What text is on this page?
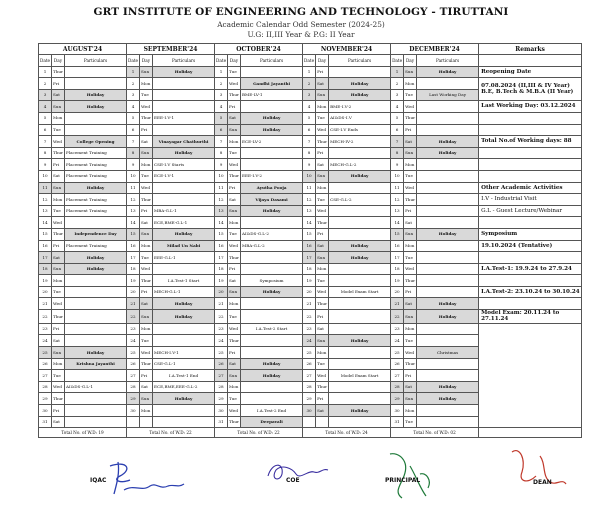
GRT INSTITUTE OF ENGINEERING AND TECHNOLOGY - TIRUTTANI
Academic Calendar Odd Semester (2024-25)
U.G: II,III Year & P.G: II Year
AUGUST'24			SEPTEMBER'24			OCTOBER'24			NOVEMBER'24			DECEMBER'24			Remarks
Date	Day	Particulars	Date	Day	Particulars	Date	Day	Particulars	Date	Day	Particulars	Date	Day	Particulars	
1	Thur		1	Sun	Holiday	1	Tue		1	Fri		1	Sun	Holiday	Reopening Date
2	Fri		2	Mon		2	Wed	Gandhi Jayanthi	2	Sat	Holiday	2	Mon		07.08.2024 (II,III & IV Year) B.E, B.Tech & M.B.A (II Year)
3	Sat	Holiday	3	Tue		3	Thur	BME-LV-1	3	Sun	Holiday	3	Tue	Last Working Day	
4	Sun	Holiday	4	Wed		4	Fri		4	Mon	BME-I.V-2	4	Wed		Last Working Day: 03.12.2024
5	Mon		5	Thur	EEE-I.V-1	5	Sat	Holiday	5	Tue	AI&DS-I.V	5	Thur		
6	Tue		6	Fri		6	Sun	Holiday	6	Wed	CSE-I.V Ends	6	Fri		
7	Wed	College Opening	7	Sat	Vinayagar Chathurthi	7	Mon	ECE-LV-2	7	Thur	MECH-IV-2	7	Sat	Holiday	Total No.of Working days: 88
8	Thur	Placement Training	8	Sun	Holiday	8	Tue		8	Fri		8	Sun	Holiday	
9	Fri	Placement Training	9	Mon	CSE-I.V Starts	9	Wed		9	Sat	MECH-G.L-2	9	Mon		
10	Sat	Placement Training	10	Tue	ECE-I.V-1	10	Thur	EEE-I.V-2	10	Sun	Holiday	10	Tue		
11	Sun	Holiday	11	Wed		11	Fri	Ayutha Pooja	11	Mon		11	Wed		Other Academic Activities
12	Mon	Placement Training	12	Thur		12	Sat	Vijaya Dasami	12	Tue	CSE-G.L-2	12	Thur		I.V - Industrial Visit
13	Tue	Placement Training	13	Fri	MBA-G.L-1	13	Sun	Holiday	13	Wed		13	Fri		G.L - Guest Lecture/Webinar
14	Wed		14	Sat	ECE,BME-G.L-1	14	Mon		14	Thur		14	Sat		
15	Thur	Independence Day	15	Sun	Holiday	15	Tue	AI&DS-G.L-2	15	Fri		15	Sun	Holiday	Symposium
16	Fri	Placement Training	16	Mon	Milad Un Nabi	16	Wed	MBA-G.L-2	16	Sat	Holiday	16	Mon		19.10.2024 (Tentative)
17	Sat	Holiday	17	Tue	EEE-G.L-1	17	Thur		17	Sun	Holiday	17	Tue		
18	Sun	Holiday	18	Wed		18	Fri		18	Mon		18	Wed		I.A.Test-1: 19.9.24 to 27.9.24
19	Mon		19	Thur	I.A.Test-1 Start	19	Sat	Symposium	19	Tue		19	Thur		
20	Tue		20	Fri	MECH-G.L-1	20	Sun	Holiday	20	Wed	Model Exam Start	20	Fri		I.A.Test-2: 23.10.24 to 30.10.24
21	Wed		21	Sat	Holiday	21	Mon		21	Thur		21	Sat	Holiday	
22	Thur		22	Sun	Holiday	22	Tue		22	Fri		22	Sun	Holiday	Model Exam: 20.11.24 to 27.11.24
23	Fri		23	Mon		23	Wed	I.A.Test-2 Start	23	Sat		23	Mon		
24	Sat		24	Tue		24	Thur		24	Sun	Holiday	24	Tue		
25	Sun	Holiday	25	Wed	MECH-I.V-1	25	Fri		25	Mon		25	Wed	Christmas	
26	Mon	Krishna Jayanthi	26	Thur	CSE-G.L-1	26	Sat	Holiday	26	Tue		26	Thur		
27	Tue		27	Fri	I.A.Test-1 End	27	Sun	Holiday	27	Wed	Model Exam Start	27	Fri		
28	Wed	AI&DS-G.L-1	28	Sat	ECE,BME,EEE-G.L-2	28	Mon		28	Thur		28	Sat	Holiday	
29	Thur		29	Sun	Holiday	29	Tue		29	Fri		29	Sun	Holiday	
30	Fri		30	Mon		30	Wed	I.A.Test-2 End	30	Sat	Holiday	30	Mon		
31	Sat					31	Thur	Deepavali				31	Tue		
Total No. of W.D: 19			Total No. of W.D: 22			Total No. of W.D: 22			Total No. of W.D: 24			Total No. of W.D: 02			
IQAC	COE	PRINCIPAL	DEAN
